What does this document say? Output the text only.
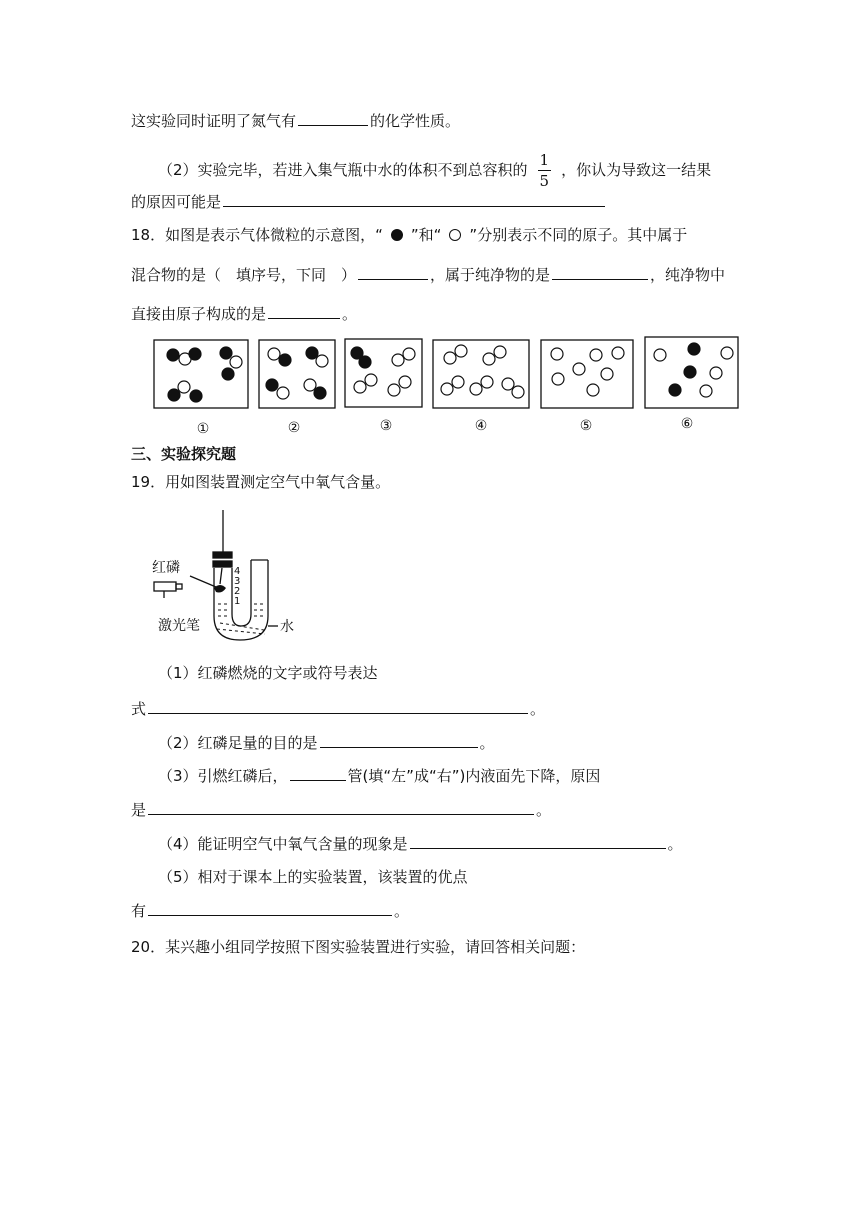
这实验同时证明了氮气有	的化学性质。
（2）实验完毕，若进入集气瓶中水的体积不到总容积的 $\frac{1}{5}$ ，你认为导致这一结果
的原因可能是
18．如图是表示气体微粒的示意图，“ ”和“ ”分别表示不同的原子。其中属于
混合物的是（　填序号，下同　）	，属于纯净物的是	，纯净物中
直接由原子构成的是	。
①	②	③	④	⑤	⑥
三、实验探究题
19．用如图装置测定空气中氧气含量。
4
3
2
1
红磷
激光笔	水
（1）红磷燃烧的文字或符号表达
式	。
（2）红磷足量的目的是	。
（3）引燃红磷后，	管(填“左”成“右”)内液面先下降，原因
是	。
（4）能证明空气中氧气含量的现象是	。
（5）相对于课本上的实验装置，该装置的优点
有	。
20．某兴趣小组同学按照下图实验装置进行实验，请回答相关问题：
